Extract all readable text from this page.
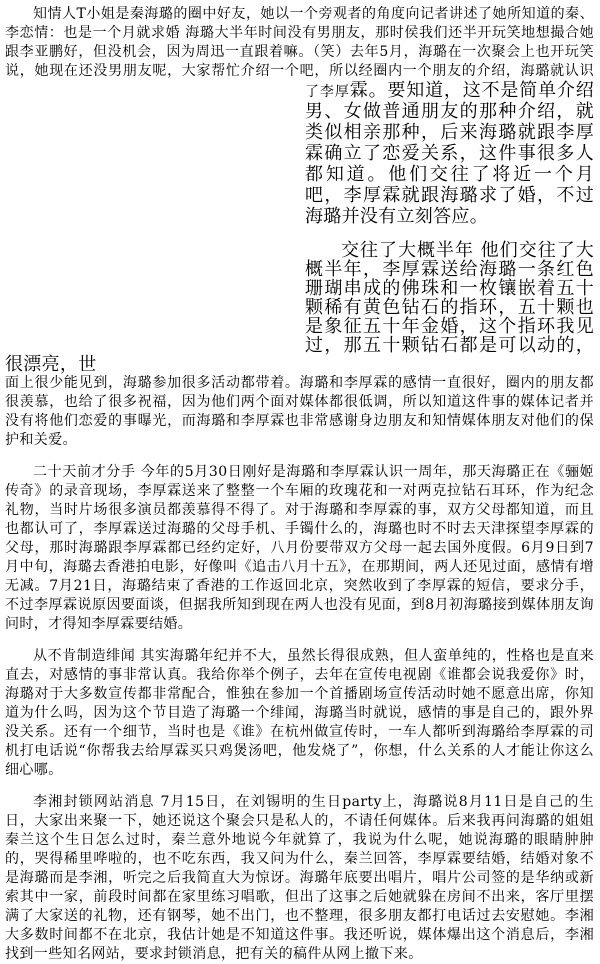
知情人T小姐是秦海璐的圈中好友，她以一个旁观者的角度向记者讲述了她所知道的秦、李恋情：也是一个月就求婚 海璐大半年时间没有男朋友，那时侯我们还半开玩笑地想撮合她跟李亚鹏好，但没机会，因为周迅一直跟着嘛。（笑）去年5月，海璐在一次聚会上也开玩笑说，她现在还没男朋友呢，大家帮忙介绍一个吧，所以经圈内一个朋友的介绍，海璐就认识了李厚
霖。要知道，这不是简单介绍男、女做普通朋友的那种介绍，就类似相亲那种，后来海璐就跟李厚霖确立了恋爱关系，这件事很多人都知道。他们交往了将近一个月吧，李厚霖就跟海璐求了婚，不过海璐并没有立刻答应。

交往了大概半年 他们交往了大概半年，李厚霖送给海璐一条红色珊瑚串成的佛珠和一枚镶嵌着五十颗稀有黄色钻石的指环，五十颗也是象征五十年金婚，这个指环我见过，那五十颗钻石都是可以动的，很漂亮，世

面上很少能见到，海璐参加很多活动都带着。海璐和李厚霖的感情一直很好，圈内的朋友都很羡慕，也给了很多祝福，因为他们两个面对媒体都很低调，所以知道这件事的媒体记者并没有将他们恋爱的事曝光，而海璐和李厚霖也非常感谢身边朋友和知情媒体朋友对他们的保护和关爱。

二十天前才分手 今年的5月30日刚好是海璐和李厚霖认识一周年，那天海璐正在《骊姬传奇》的录音现场，李厚霖送来了整整一个车厢的玫瑰花和一对两克拉钻石耳环，作为纪念礼物，当时片场很多演员都羡慕得不得了。对于海璐和李厚霖的事，双方父母都知道，而且也都认可了，李厚霖送过海璐的父母手机、手镯什么的，海璐也时不时去天津探望李厚霖的父母，那时海璐跟李厚霖都已经约定好，八月份要带双方父母一起去国外度假。6月9日到7月中旬，海璐去香港拍电影，好像叫《追击八月十五》，在那期间，两人还见过面，感情有增无减。7月21日，海璐结束了香港的工作返回北京，突然收到了李厚霖的短信，要求分手，不过李厚霖说原因要面谈，但据我所知到现在两人也没有见面，到8月初海璐接到媒体朋友询问时，才得知李厚霖要结婚。

从不肯制造绯闻 其实海璐年纪并不大，虽然长得很成熟，但人蛮单纯的，性格也是直来直去，对感情的事非常认真。我给你举个例子，去年在宣传电视剧《谁都会说我爱你》时，海璐对于大多数宣传都非常配合，惟独在参加一个首播剧场宣传活动时她不愿意出席，你知道为什么吗，因为这个节目造了海璐一个绯闻，海璐当时就说，感情的事是自己的，跟外界没关系。还有一个细节，当时也是《谁》在杭州做宣传时，一车人都听到海璐给李厚霖的司机打电话说“你帮我去给厚霖买只鸡煲汤吧，他发烧了”，你想，什么关系的人才能让你这么细心哪。

李湘封锁网站消息 7月15日，在刘锡明的生日party上，海璐说8月11日是自己的生日，大家出来聚一下，她还说这个聚会只是私人的，不请任何媒体。后来我再问海璐的姐姐秦兰这个生日怎么过时，秦兰意外地说今年就算了，我说为什么呢，她说海璐的眼睛肿肿的，哭得稀里哗啦的，也不吃东西，我又问为什么，秦兰回答，李厚霖要结婚，结婚对象不是海璐而是李湘，听完之后我简直大为惊讶。海璐年底要出唱片，唱片公司签的是华纳或新索其中一家，前段时间都在家里练习唱歌，但出了这事之后她就躲在房间不出来，客厅里摆满了大家送的礼物，还有钢琴，她不出门，也不整理，很多朋友都打电话过去安慰她。李湘大多数时间都不在北京，我估计她是不知道这件事。我还听说，媒体爆出这个消息后，李湘找到一些知名网站，要求封锁消息，把有关的稿件从网上撤下来。
